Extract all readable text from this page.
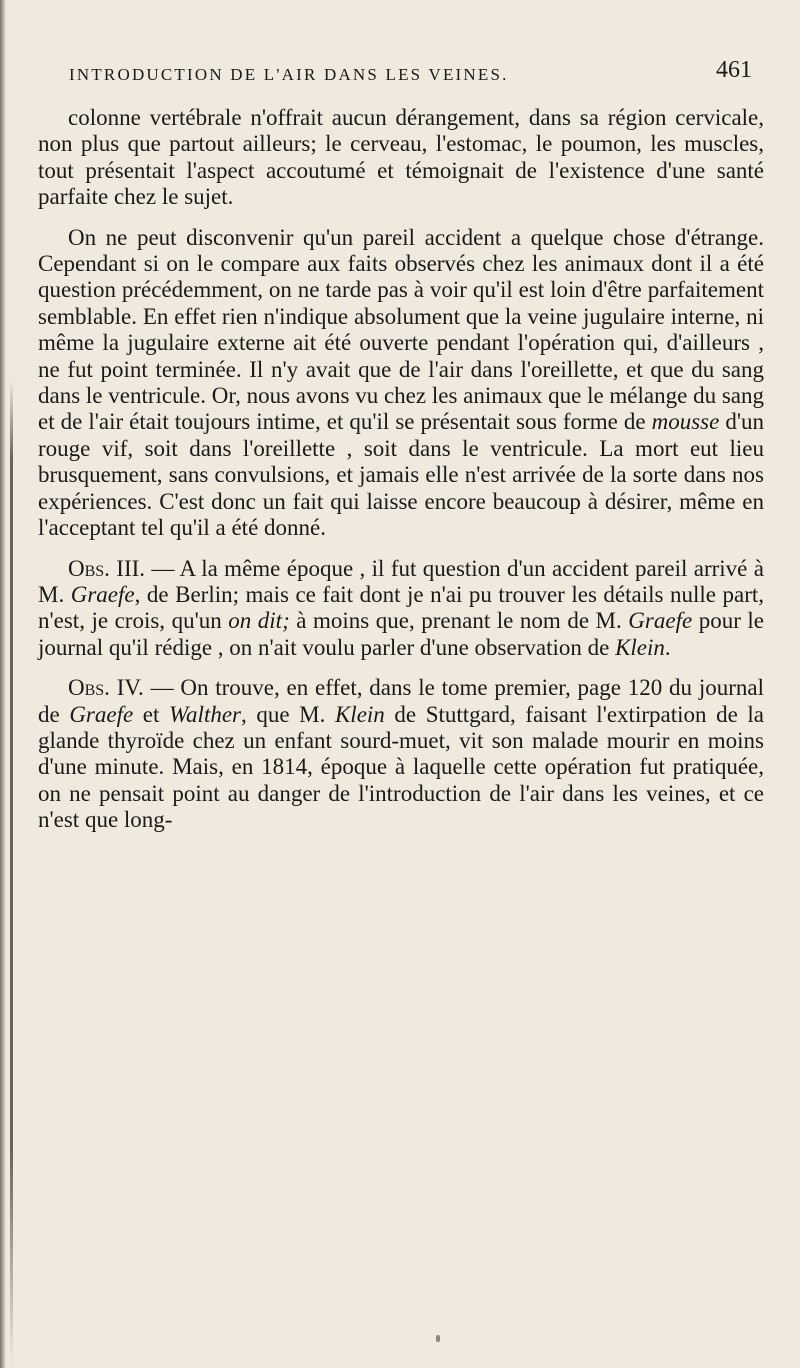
INTRODUCTION DE L'AIR DANS LES VEINES.	461

colonne vertébrale n'offrait aucun dérangement, dans sa région cervicale, non plus que partout ailleurs; le cerveau, l'estomac, le poumon, les muscles, tout présentait l'aspect accoutumé et témoignait de l'existence d'une santé parfaite chez le sujet.

On ne peut disconvenir qu'un pareil accident a quelque chose d'étrange. Cependant si on le compare aux faits observés chez les animaux dont il a été question précédemment, on ne tarde pas à voir qu'il est loin d'être parfaitement semblable. En effet rien n'indique absolument que la veine jugulaire interne, ni même la jugulaire externe ait été ouverte pendant l'opération qui, d'ailleurs , ne fut point terminée. Il n'y avait que de l'air dans l'oreillette, et que du sang dans le ventricule. Or, nous avons vu chez les animaux que le mélange du sang et de l'air était toujours intime, et qu'il se présentait sous forme de mousse d'un rouge vif, soit dans l'oreillette , soit dans le ventricule. La mort eut lieu brusquement, sans convulsions, et jamais elle n'est arrivée de la sorte dans nos expériences. C'est donc un fait qui laisse encore beaucoup à désirer, même en l'acceptant tel qu'il a été donné.

Obs. III. — A la même époque , il fut question d'un accident pareil arrivé à M. Graefe, de Berlin; mais ce fait dont je n'ai pu trouver les détails nulle part, n'est, je crois, qu'un on dit; à moins que, prenant le nom de M. Graefe pour le journal qu'il rédige , on n'ait voulu parler d'une observation de Klein.

Obs. IV. — On trouve, en effet, dans le tome premier, page 120 du journal de Graefe et Walther, que M. Klein de Stuttgard, faisant l'extirpation de la glande thyroïde chez un enfant sourd-muet, vit son malade mourir en moins d'une minute. Mais, en 1814, époque à laquelle cette opération fut pratiquée, on ne pensait point au danger de l'introduction de l'air dans les veines, et ce n'est que long-
